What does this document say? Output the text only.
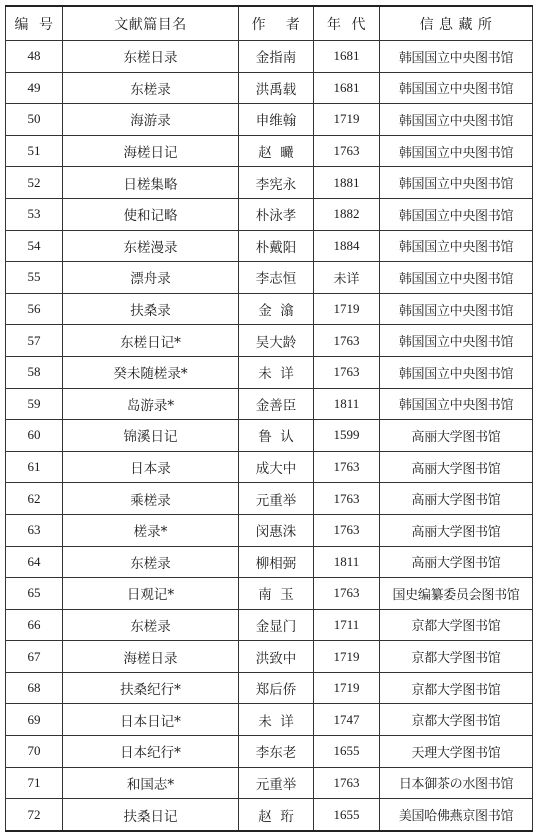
编  号	文献篇目名	作    者	年  代	信 息 藏 所
48	东槎日录	金指南	1681	韩国国立中央图书馆
49	东槎录	洪禹载	1681	韩国国立中央图书馆
50	海游录	申维翰	1719	韩国国立中央图书馆
51	海槎日记	赵  曮	1763	韩国国立中央图书馆
52	日槎集略	李宪永	1881	韩国国立中央图书馆
53	使和记略	朴泳孝	1882	韩国国立中央图书馆
54	东槎漫录	朴戴阳	1884	韩国国立中央图书馆
55	漂舟录	李志恒	未详	韩国国立中央图书馆
56	扶桑录	金  潝	1719	韩国国立中央图书馆
57	东槎日记*	吴大龄	1763	韩国国立中央图书馆
58	癸未随槎录*	未  详	1763	韩国国立中央图书馆
59	岛游录*	金善臣	1811	韩国国立中央图书馆
60	锦溪日记	鲁  认	1599	高丽大学图书馆
61	日本录	成大中	1763	高丽大学图书馆
62	乘槎录	元重举	1763	高丽大学图书馆
63	槎录*	闵惠洙	1763	高丽大学图书馆
64	东槎录	柳相弼	1811	高丽大学图书馆
65	日观记*	南  玉	1763	国史编纂委员会图书馆
66	东槎录	金显门	1711	京都大学图书馆
67	海槎日录	洪致中	1719	京都大学图书馆
68	扶桑纪行*	郑后侨	1719	京都大学图书馆
69	日本日记*	未  详	1747	京都大学图书馆
70	日本纪行*	李东老	1655	天理大学图书馆
71	和国志*	元重举	1763	日本御茶の水图书馆
72	扶桑日记	赵  珩	1655	美国哈佛燕京图书馆
